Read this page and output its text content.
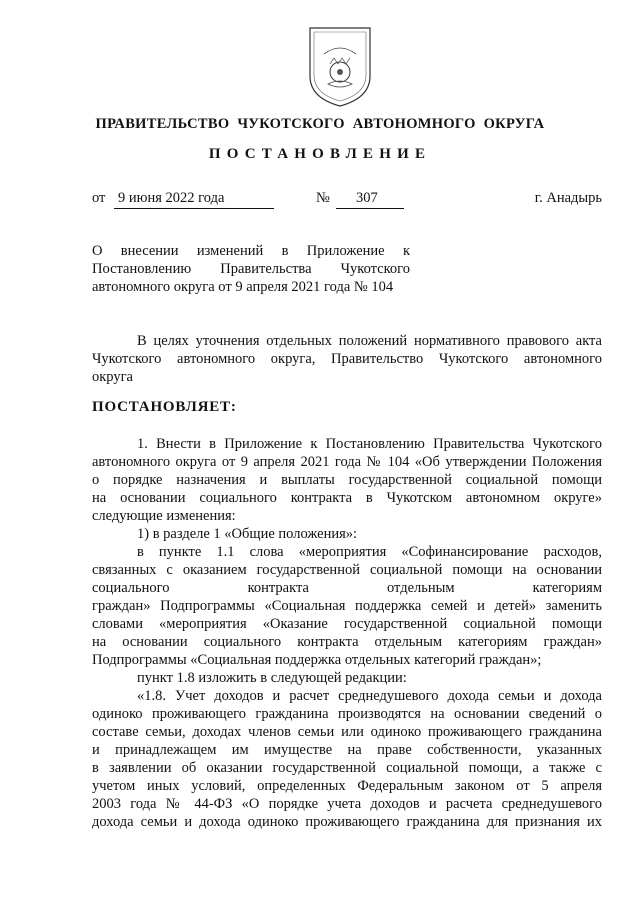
ПРАВИТЕЛЬСТВО ЧУКОТСКОГО АВТОНОМНОГО ОКРУГА
ПОСТАНОВЛЕНИЕ
от 9 июня 2022 года	№	307	г. Анадырь
О внесении изменений в Приложение к Постановлению Правительства Чукотского автономного округа от 9 апреля 2021 года № 104
В целях уточнения отдельных положений нормативного правового акта
Чукотского автономного округа, Правительство Чукотского автономного
округа
ПОСТАНОВЛЯЕТ:
1. Внести в Приложение к Постановлению Правительства Чукотского
автономного округа от 9 апреля 2021 года № 104 «Об утверждении Положения
о порядке назначения и выплаты государственной социальной помощи
на основании социального контракта в Чукотском автономном округе»
следующие изменения:
1) в разделе 1 «Общие положения»:
в пункте 1.1 слова «мероприятия «Софинансирование расходов,
связанных с оказанием государственной социальной помощи на основании
социального контракта отдельным категориям
граждан» Подпрограммы «Социальная поддержка семей и детей» заменить
словами «мероприятия «Оказание государственной социальной помощи
на основании социального контракта отдельным категориям граждан»
Подпрограммы «Социальная поддержка отдельных категорий граждан»;
пункт 1.8 изложить в следующей редакции:
«1.8. Учет доходов и расчет среднедушевого дохода семьи и дохода
одиноко проживающего гражданина производятся на основании сведений о
составе семьи, доходах членов семьи или одиноко проживающего гражданина
и принадлежащем им имуществе на праве собственности, указанных
в заявлении об оказании государственной социальной помощи, а также с
учетом иных условий, определенных Федеральным законом от 5 апреля
2003 года № 44-ФЗ «О порядке учета доходов и расчета среднедушевого
дохода семьи и дохода одиноко проживающего гражданина для признания их
